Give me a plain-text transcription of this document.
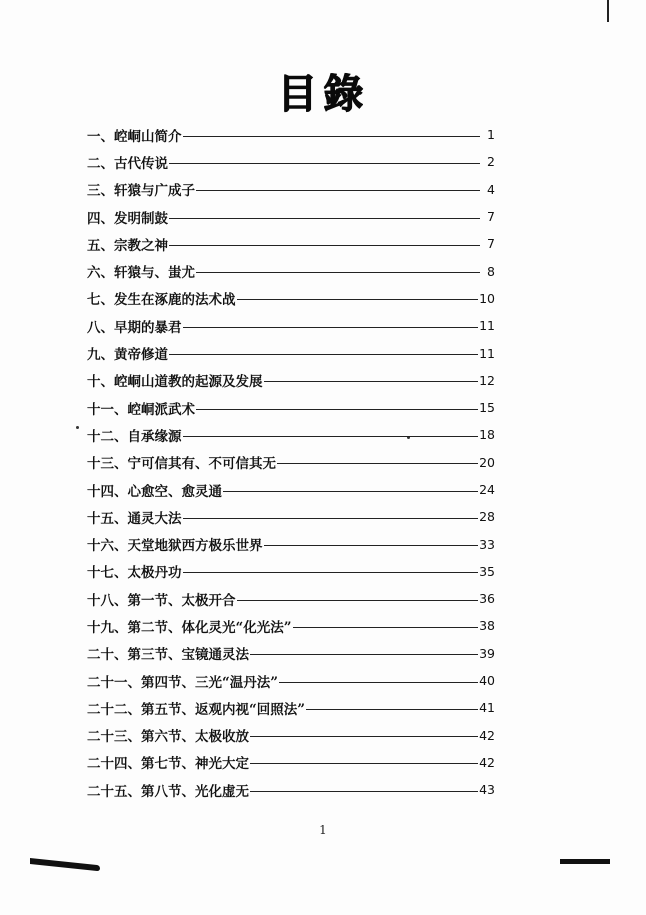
目錄
一、崆峒山简介	1
二、古代传说	2
三、轩猿与广成子	4
四、发明制鼓	7
五、宗教之神	7
六、轩猿与、蚩尤	8
七、发生在涿鹿的法术战	10
八、早期的暴君	11
九、黄帝修道	11
十、崆峒山道教的起源及发展	12
十一、崆峒派武术	15
十二、自承缘源	18
十三、宁可信其有、不可信其无	20
十四、心愈空、愈灵通	24
十五、通灵大法	28
十六、天堂地狱西方极乐世界	33
十七、太极丹功	35
十八、第一节、太极开合	36
十九、第二节、体化灵光“化光法”	38
二十、第三节、宝镜通灵法	39
二十一、第四节、三光“温丹法”	40
二十二、第五节、返观内视“回照法”	41
二十三、第六节、太极收放	42
二十四、第七节、神光大定	42
二十五、第八节、光化虚无	43
1
